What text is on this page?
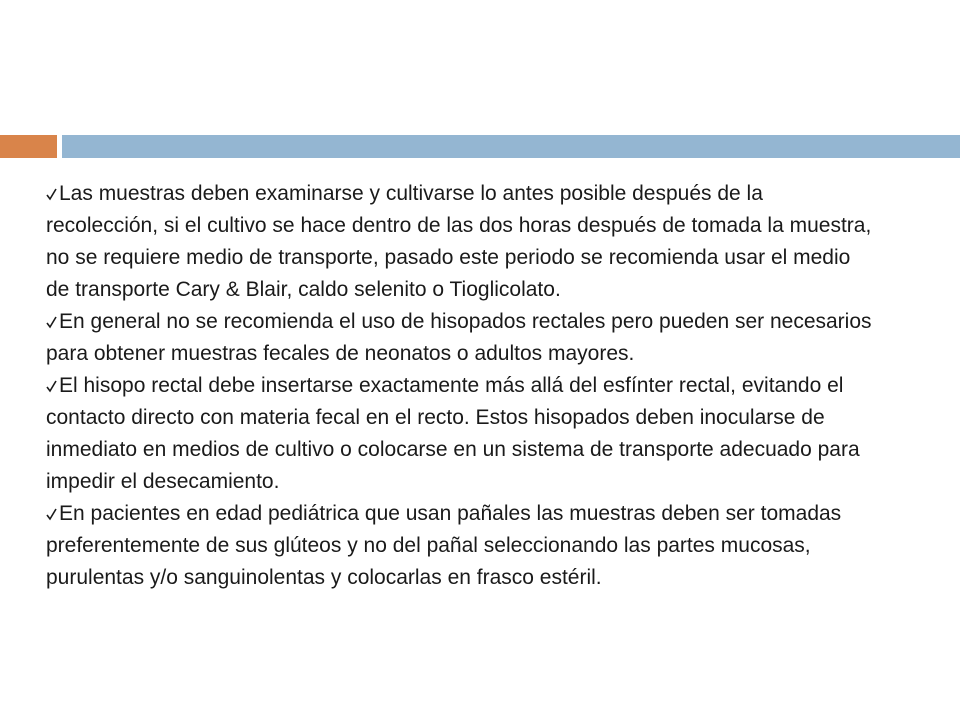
Las muestras deben examinarse y cultivarse lo antes posible después de la recolección, si el cultivo se hace dentro de las dos horas después de tomada la muestra, no se requiere medio de transporte, pasado este periodo se recomienda usar el medio de transporte Cary & Blair, caldo selenito o Tioglicolato.

En general no se recomienda el uso de hisopados rectales pero pueden ser necesarios para obtener muestras fecales de neonatos o adultos mayores.

El hisopo rectal debe insertarse exactamente más allá del esfínter rectal, evitando el contacto directo con materia fecal en el recto. Estos hisopados deben inocularse de inmediato en medios de cultivo o colocarse en un sistema de transporte adecuado para impedir el desecamiento.

En pacientes en edad pediátrica que usan pañales las muestras deben ser tomadas preferentemente de sus glúteos y no del pañal seleccionando las partes mucosas, purulentas y/o sanguinolentas y colocarlas en frasco estéril.
